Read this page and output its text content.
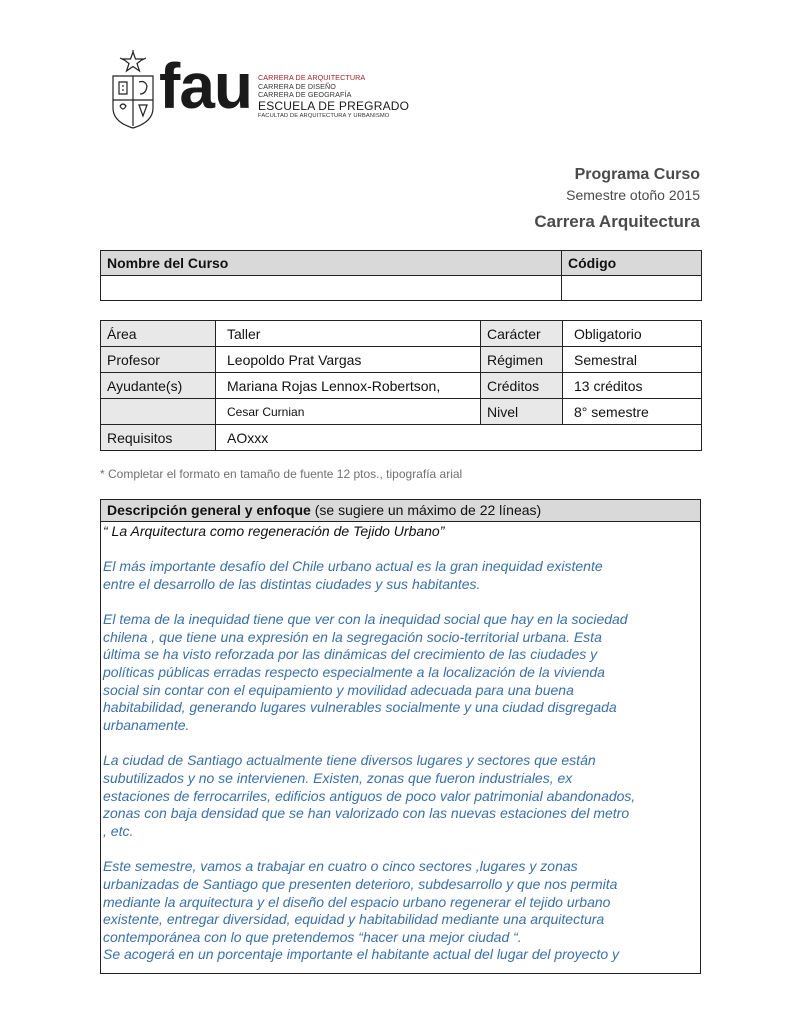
fau CARRERA DE ARQUITECTURA
CARRERA DE DISEÑO
CARRERA DE GEOGRAFÍA
ESCUELA DE PREGRADO
FACULTAD DE ARQUITECTURA Y URBANISMO
Programa Curso
Semestre otoño 2015
Carrera Arquitectura
Nombre del Curso	Código

Área	Taller	Carácter	Obligatorio
Profesor	Leopoldo Prat Vargas	Régimen	Semestral
Ayudante(s)	Mariana Rojas Lennox-Robertson,	Créditos	13 créditos
	Cesar Curnian	Nivel	8° semestre
Requisitos	AOxxx		
* Completar el formato en tamaño de fuente 12 ptos., tipografía arial
Descripción general y enfoque (se sugiere un máximo de 22 líneas)
“ La Arquitectura como regeneración de Tejido Urbano”
El más importante desafío del Chile urbano actual es la gran inequidad existente
entre el desarrollo de las distintas ciudades y sus habitantes.
El tema de la inequidad tiene que ver con la inequidad social que hay en la sociedad
chilena , que tiene una expresión en la segregación socio-territorial urbana. Esta
última se ha visto reforzada por las dinámicas del crecimiento de las ciudades y
políticas públicas erradas respecto especialmente a la localización de la vivienda
social sin contar con el equipamiento y movilidad adecuada para una buena
habitabilidad, generando lugares vulnerables socialmente y una ciudad disgregada
urbanamente.
La ciudad de Santiago actualmente tiene diversos lugares y sectores que están
subutilizados y no se intervienen. Existen, zonas que fueron industriales, ex
estaciones de ferrocarriles, edificios antiguos de poco valor patrimonial abandonados,
zonas con baja densidad que se han valorizado con las nuevas estaciones del metro
, etc.
Este semestre, vamos a trabajar en cuatro o cinco sectores ,lugares y zonas
urbanizadas de Santiago que presenten deterioro, subdesarrollo y que nos permita
mediante la arquitectura y el diseño del espacio urbano regenerar el tejido urbano
existente, entregar diversidad, equidad y habitabilidad mediante una arquitectura
contemporánea con lo que pretendemos “hacer una mejor ciudad “.
Se acogerá en un porcentaje importante el habitante actual del lugar del proyecto y
